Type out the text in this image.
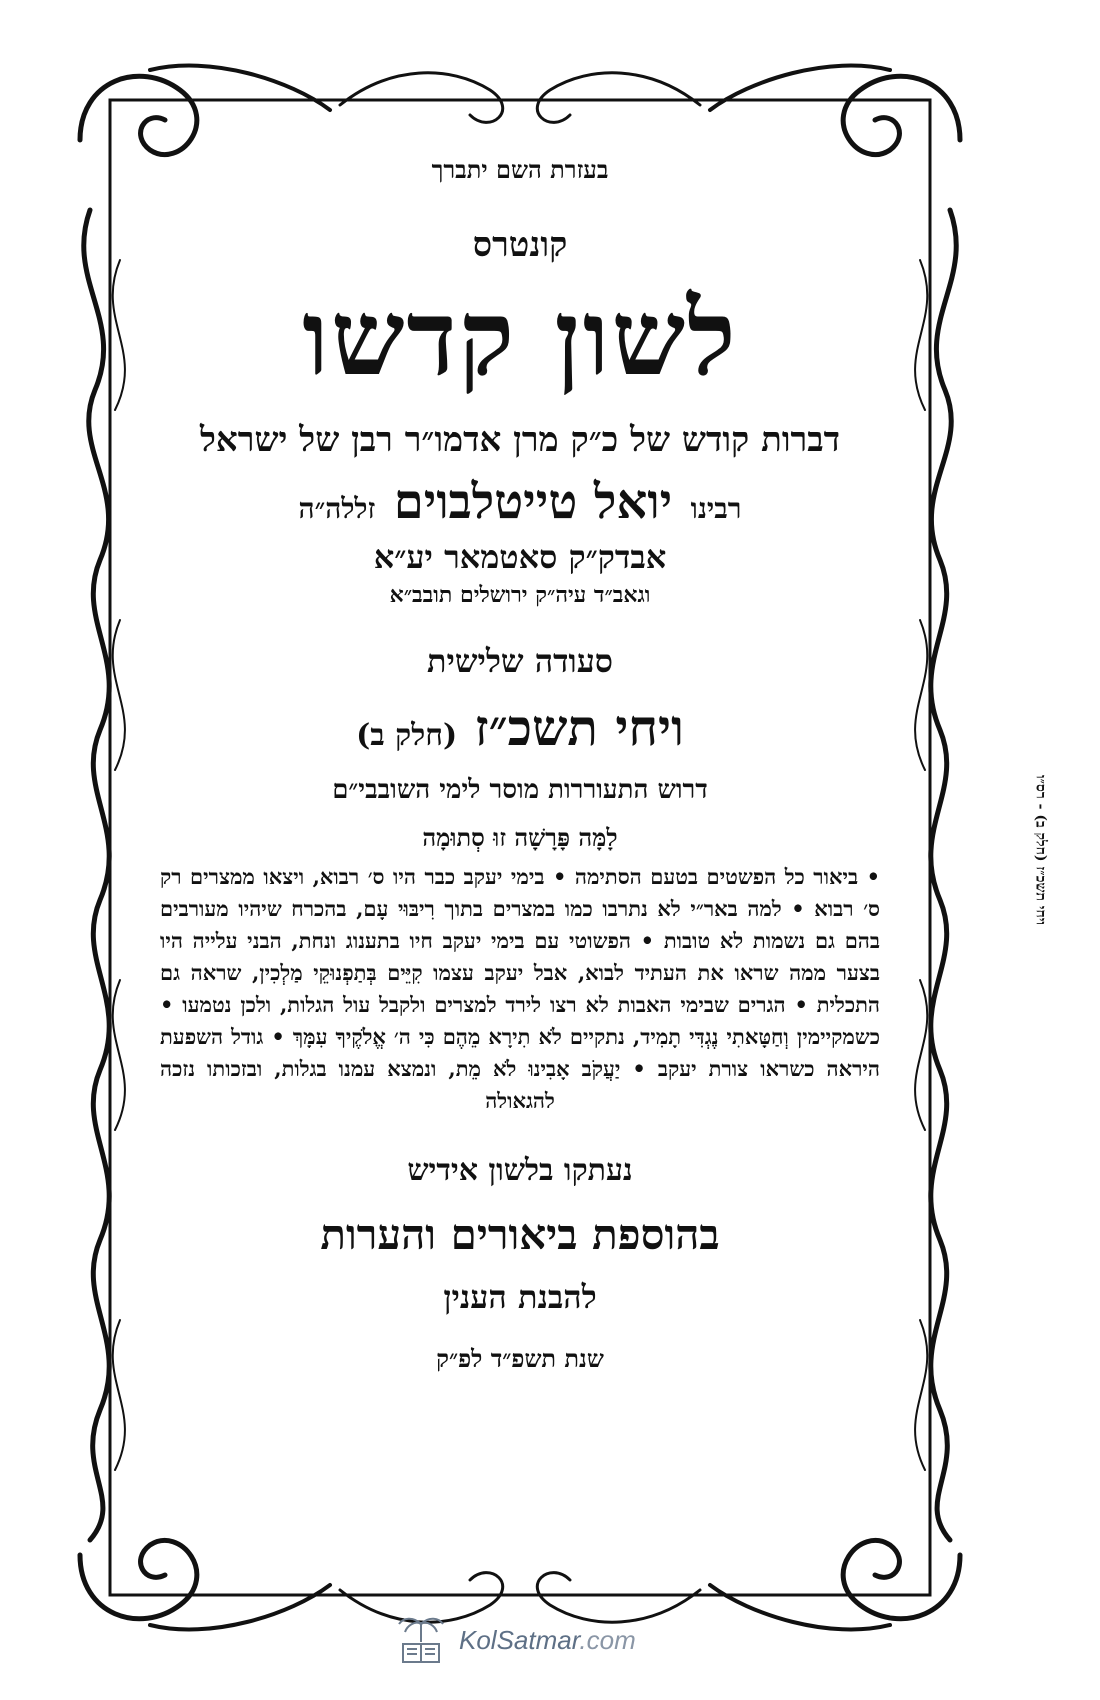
בעזרת השם יתברך
קונטרס
לשון קדשו
דברות קודש של כ״ק מרן אדמו״ר רבן של ישראל
רבינו יואל טייטלבוים זללה״ה
אבדק״ק סאטמאר יע״א
וגאב״ד עיה״ק ירושלים תובב״א
סעודה שלישית
ויחי תשכ״ז (חלק ב)
דרוש התעוררות מוסר לימי השובבי״ם
לָמָּה פָּרָשָׁה זוּ סְתוּמָה

• ביאור כל הפשטים בטעם הסתימה • בימי יעקב כבר היו ס׳ רבוא, ויצאו ממצרים רק ס׳ רבוא • למה באר״י לא נתרבו כמו במצרים בתוך רִיבּוּי עָם, בהכרח שיהיו מעורבים בהם גם נשמות לא טובות • הפשוטי עם בימי יעקב חיו בתענוג ונחת, הבני עלייה היו בצער ממה שראו את העתיד לבוא, אבל יעקב עצמו קִיֵּים בְּתַפְנוּקֵי מַלְכִין, שראה גם התכלית • הגרים שבימי האבות לא רצו לירד למצרים ולקבל עול הגלות, ולכן נטמעו • כשמקיימין וְחַטָּאתִי נֶגְדִּי תָמִיד, נתקיים לֹא תִירָא מֵהֶם כִּי ה׳ אֱלֹקֶיךָ עִמָּךְ • גודל השפעת היראה כשראו צורת יעקב • יַעֲקֹב אָבִינוּ לֹא מֵת, ונמצא עמנו בגלות, ובזכותו נזכה להגאולה

נעתקו בלשון אידיש
בהוספת ביאורים והערות
להבנת הענין
שנת תשפ״ד לפ״ק
ויחי תשכ״ז (חלק ב) - רס״ו
KolSatmar.com
